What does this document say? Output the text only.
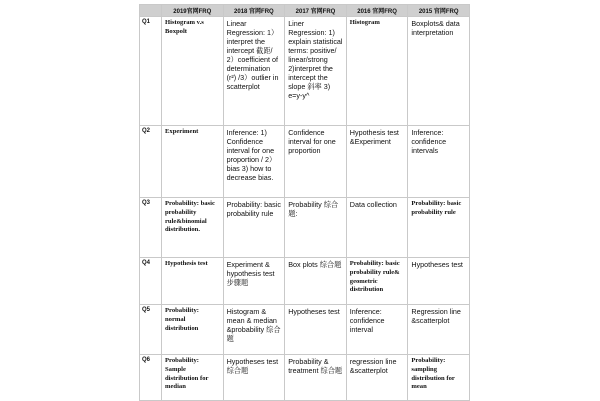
	2019官网FRQ	2018 官网FRQ	2017 官网FRQ	2016 官网FRQ	2015 官网FRQ
Q1	Histogram v.s Boxpolt	Linear Regression: 1）interpret the intercept 截距/ 2）coefficient of determination (r²) /3）outlier in scatterplot	Liner Regression: 1) explain statistical terms: positive/ linear/strong 2)interpret the intercept the slope 斜率 3) e=y-y^	Histogram	Boxplots& data interpretation
Q2	Experiment	Inference: 1) Confidence interval for one proportion / 2）bias 3) how to decrease bias.	Confidence interval for one proportion	Hypothesis test &Experiment	Inference: confidence intervals
Q3	Probability: basic probability rule&binomial distribution.	Probability: basic probability rule	Probability 综合题:	Data collection	Probability: basic probability rule
Q4	Hypothesis test	Experiment & hypothesis test 步骤题	Box plots 综合题	Probability: basic probability rule& geometric distribution	Hypotheses test
Q5	Probability: normal distribution	Histogram & mean & median &probability 综合题	Hypotheses test	Inference: confidence interval	Regression line &scatterplot
Q6	Probability: Sample distribution for median	Hypotheses test 综合题	Probability & treatment 综合题	regression line &scatterplot	Probability: sampling distribution for mean
